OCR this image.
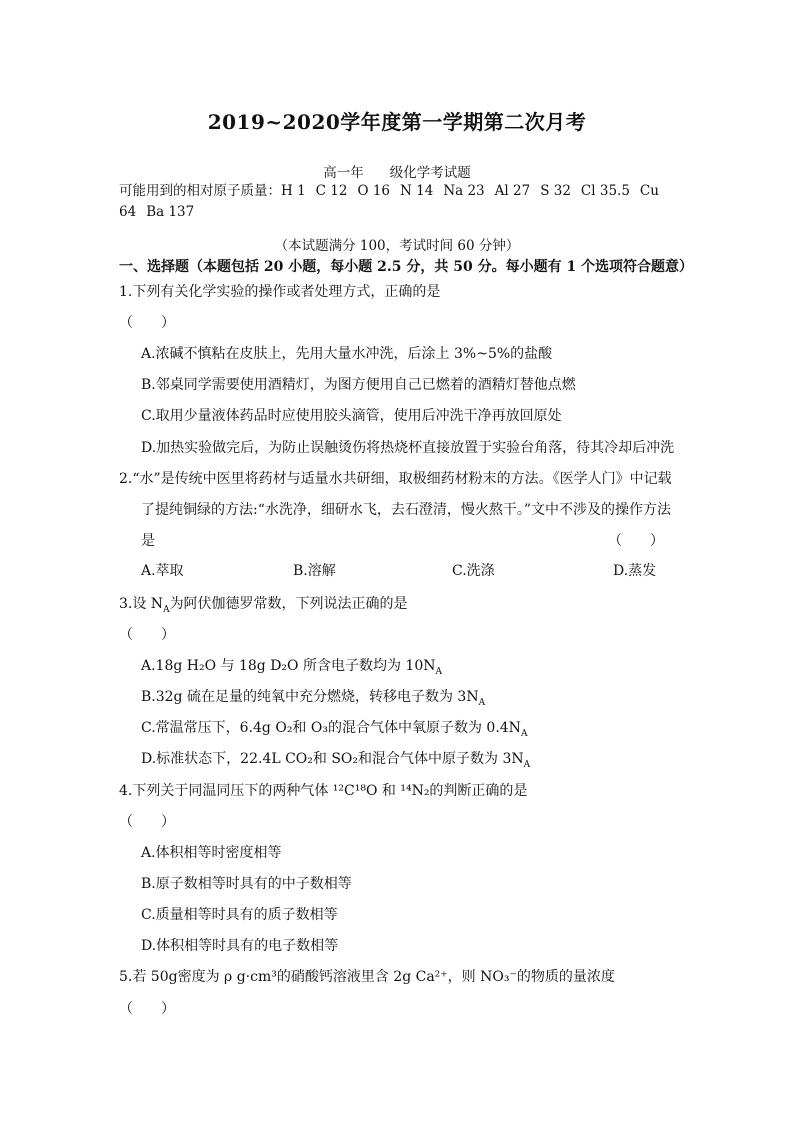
2019~2020学年度第一学期第二次月考
高一年 级化学考试题
可能用到的相对原子质量：H 1 C 12 O 16 N 14 Na 23 Al 27 S 32 Cl 35.5 Cu 64 Ba 137
（本试题满分 100，考试时间 60 分钟）
一、选择题（本题包括 20 小题，每小题 2.5 分，共 50 分。每小题有 1 个选项符合题意）
1.下列有关化学实验的操作或者处理方式，正确的是
（　　）
A.浓碱不慎粘在皮肤上，先用大量水冲洗，后涂上 3%~5%的盐酸
B.邻桌同学需要使用酒精灯，为图方便用自己已燃着的酒精灯替他点燃
C.取用少量液体药品时应使用胶头滴管，使用后冲洗干净再放回原处
D.加热实验做完后，为防止误触烫伤将热烧杯直接放置于实验台角落，待其冷却后冲洗
2.“水”是传统中医里将药材与适量水共研细，取极细药材粉末的方法。《医学人门》中记载
了提纯铜绿的方法:“水洗净，细研水飞，去石澄清，慢火熬干。”文中不涉及的操作方法
是	（　　）
A.萃取	B.溶解	C.洗涤	D.蒸发
3.设 $N_A$为阿伏伽德罗常数，下列说法正确的是
（　　）
A.18g H₂O 与 18g D₂O 所含电子数均为 $10N_A$
B.32g 硫在足量的纯氧中充分燃烧，转移电子数为 $3N_A$
C.常温常压下，6.4g O₂和 O₃的混合气体中氧原子数为 $0.4N_A$
D.标准状态下，22.4L CO₂和 SO₂和混合气体中原子数为 $3N_A$
4.下列关于同温同压下的两种气体 ¹²C¹⁸O 和 ¹⁴N₂的判断正确的是
（　　）
A.体积相等时密度相等
B.原子数相等时具有的中子数相等
C.质量相等时具有的质子数相等
D.体积相等时具有的电子数相等
5.若 50g密度为 ρ g·cm³的硝酸钙溶液里含 2g Ca²⁺，则 NO₃⁻的物质的量浓度
（　　）
